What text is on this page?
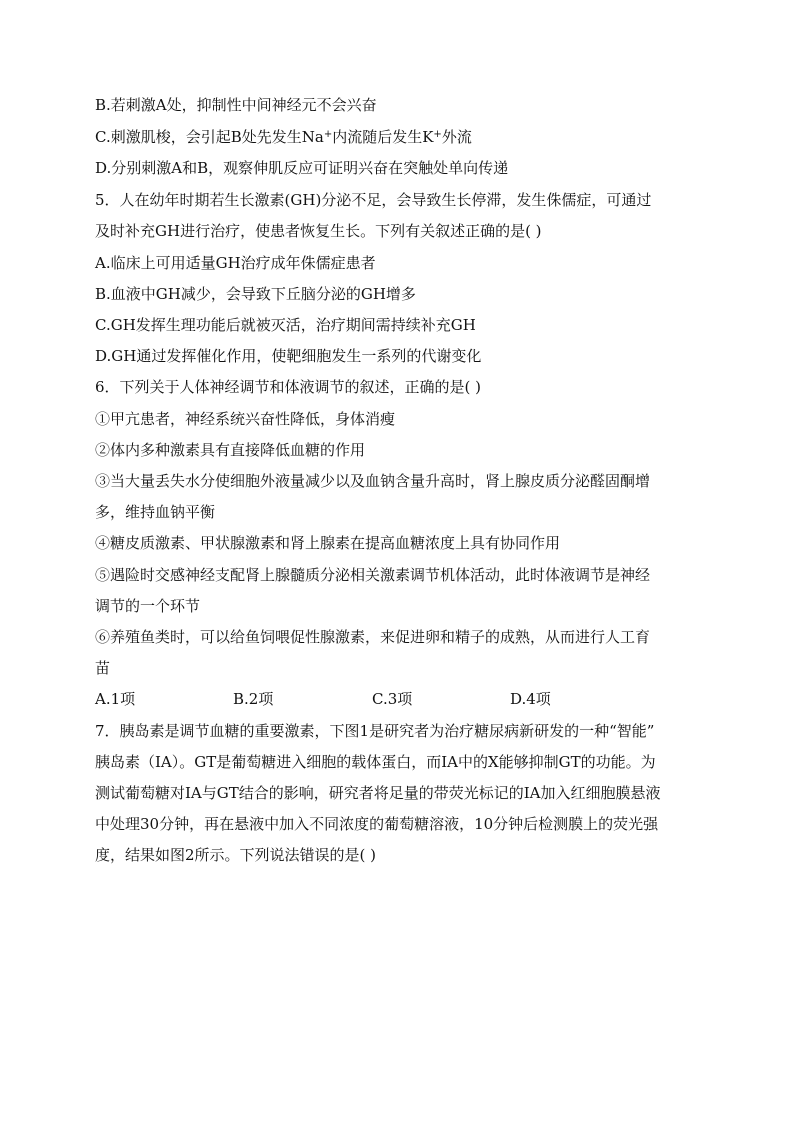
B.若刺激A处，抑制性中间神经元不会兴奋
C.刺激肌梭，会引起B处先发生Na+内流随后发生K+外流
D.分别刺激A和B，观察伸肌反应可证明兴奋在突触处单向传递
5．人在幼年时期若生长激素(GH)分泌不足，会导致生长停滞，发生侏儒症，可通过
及时补充GH进行治疗，使患者恢复生长。下列有关叙述正确的是( )
A.临床上可用适量GH治疗成年侏儒症患者
B.血液中GH减少，会导致下丘脑分泌的GH增多
C.GH发挥生理功能后就被灭活，治疗期间需持续补充GH
D.GH通过发挥催化作用，使靶细胞发生一系列的代谢变化
6．下列关于人体神经调节和体液调节的叙述，正确的是( )
①甲亢患者，神经系统兴奋性降低，身体消瘦
②体内多种激素具有直接降低血糖的作用
③当大量丢失水分使细胞外液量减少以及血钠含量升高时，肾上腺皮质分泌醛固酮增
多，维持血钠平衡
④糖皮质激素、甲状腺激素和肾上腺素在提高血糖浓度上具有协同作用
⑤遇险时交感神经支配肾上腺髓质分泌相关激素调节机体活动，此时体液调节是神经
调节的一个环节
⑥养殖鱼类时，可以给鱼饲喂促性腺激素，来促进卵和精子的成熟，从而进行人工育
苗
A.1项	B.2项	C.3项	D.4项
7．胰岛素是调节血糖的重要激素，下图1是研究者为治疗糖尿病新研发的一种“智能”
胰岛素（IA）。GT是葡萄糖进入细胞的载体蛋白，而IA中的X能够抑制GT的功能。为
测试葡萄糖对IA与GT结合的影响，研究者将足量的带荧光标记的IA加入红细胞膜悬液
中处理30分钟，再在悬液中加入不同浓度的葡萄糖溶液，10分钟后检测膜上的荧光强
度，结果如图2所示。下列说法错误的是( )
